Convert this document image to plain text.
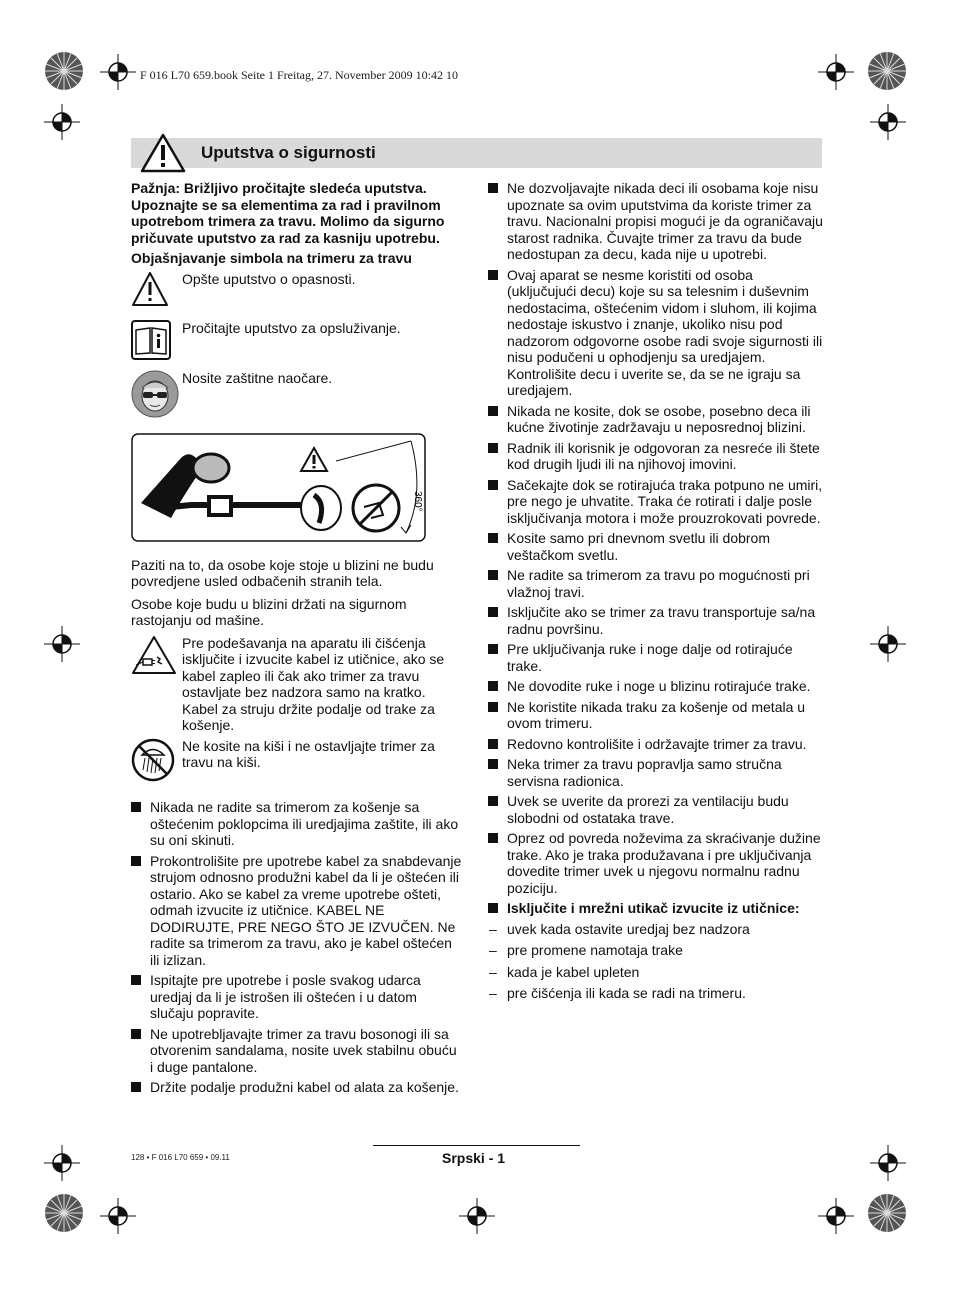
F 016 L70 659.book Seite 1 Freitag, 27. November 2009 10:42 10
Uputstva o sigurnosti

Pažnja: Brižljivo pročitajte sledeća uputstva. Upoznajte se sa elementima za rad i pravilnom upotrebom trimera za travu. Molimo da sigurno pričuvate uputstvo za rad za kasniju upotrebu.

Objašnjavanje simbola na trimeru za travu

Opšte uputstvo o opasnosti.
Pročitajte uputstvo za opsluživanje.
Nosite zaštitne naočare.
360°

Paziti na to, da osobe koje stoje u blizini ne budu povredjene usled odbačenih stranih tela.

Osobe koje budu u blizini držati na sigurnom rastojanju od mašine.

Pre podešavanja na aparatu ili čišćenja isključite i izvucite kabel iz utičnice, ako se kabel zapleo ili čak ako trimer za travu ostavljate bez nadzora samo na kratko. Kabel za struju držite podalje od trake za košenje.
Ne kosite na kiši i ne ostavljajte trimer za travu na kiši.
Nikada ne radite sa trimerom za košenje sa oštećenim poklopcima ili uredjajima zaštite, ili ako su oni skinuti.
Prokontrolišite pre upotrebe kabel za snabdevanje strujom odnosno produžni kabel da li je oštećen ili ostario. Ako se kabel za vreme upotrebe ošteti, odmah izvucite iz utičnice. KABEL NE DODIRUJTE, PRE NEGO ŠTO JE IZVUČEN. Ne radite sa trimerom za travu, ako je kabel oštećen ili izlizan.
Ispitajte pre upotrebe i posle svakog udarca uredjaj da li je istrošen ili oštećen i u datom slučaju popravite.
Ne upotrebljavajte trimer za travu bosonogi ili sa otvorenim sandalama, nosite uvek stabilnu obuću i duge pantalone.
Držite podalje produžni kabel od alata za košenje.
Ne dozvoljavajte nikada deci ili osobama koje nisu upoznate sa ovim uputstvima da koriste trimer za travu. Nacionalni propisi mogući je da ograničavaju starost radnika. Čuvajte trimer za travu da bude nedostupan za decu, kada nije u upotrebi.
Ovaj aparat se nesme koristiti od osoba (uključujući decu) koje su sa telesnim i duševnim nedostacima, oštećenim vidom i sluhom, ili kojima nedostaje iskustvo i znanje, ukoliko nisu pod nadzorom odgovorne osobe radi svoje sigurnosti ili nisu podučeni u ophodjenju sa uredjajem. Kontrolišite decu i uverite se, da se ne igraju sa uredjajem.
Nikada ne kosite, dok se osobe, posebno deca ili kućne životinje zadržavaju u neposrednoj blizini.
Radnik ili korisnik je odgovoran za nesreće ili štete kod drugih ljudi ili na njihovoj imovini.
Sačekajte dok se rotirajuća traka potpuno ne umiri, pre nego je uhvatite. Traka će rotirati i dalje posle isključivanja motora i može prouzrokovati povrede.
Kosite samo pri dnevnom svetlu ili dobrom veštačkom svetlu.
Ne radite sa trimerom za travu po mogućnosti pri vlažnoj travi.
Isključite ako se trimer za travu transportuje sa/na radnu površinu.
Pre uključivanja ruke i noge dalje od rotirajuće trake.
Ne dovodite ruke i noge u blizinu rotirajuće trake.
Ne koristite nikada traku za košenje od metala u ovom trimeru.
Redovno kontrolišite i održavajte trimer za travu.
Neka trimer za travu popravlja samo stručna servisna radionica.
Uvek se uverite da prorezi za ventilaciju budu slobodni od ostataka trave.
Oprez od povreda noževima za skraćivanje dužine trake. Ako je traka produžavana i pre uključivanja dovedite trimer uvek u njegovu normalnu radnu poziciju.
Isključite i mrežni utikač izvucite iz utičnice:
– uvek kada ostavite uredjaj bez nadzora
– pre promene namotaja trake
– kada je kabel upleten
– pre čišćenja ili kada se radi na trimeru.
128 • F 016 L70 659 • 09.11	Srpski - 1
